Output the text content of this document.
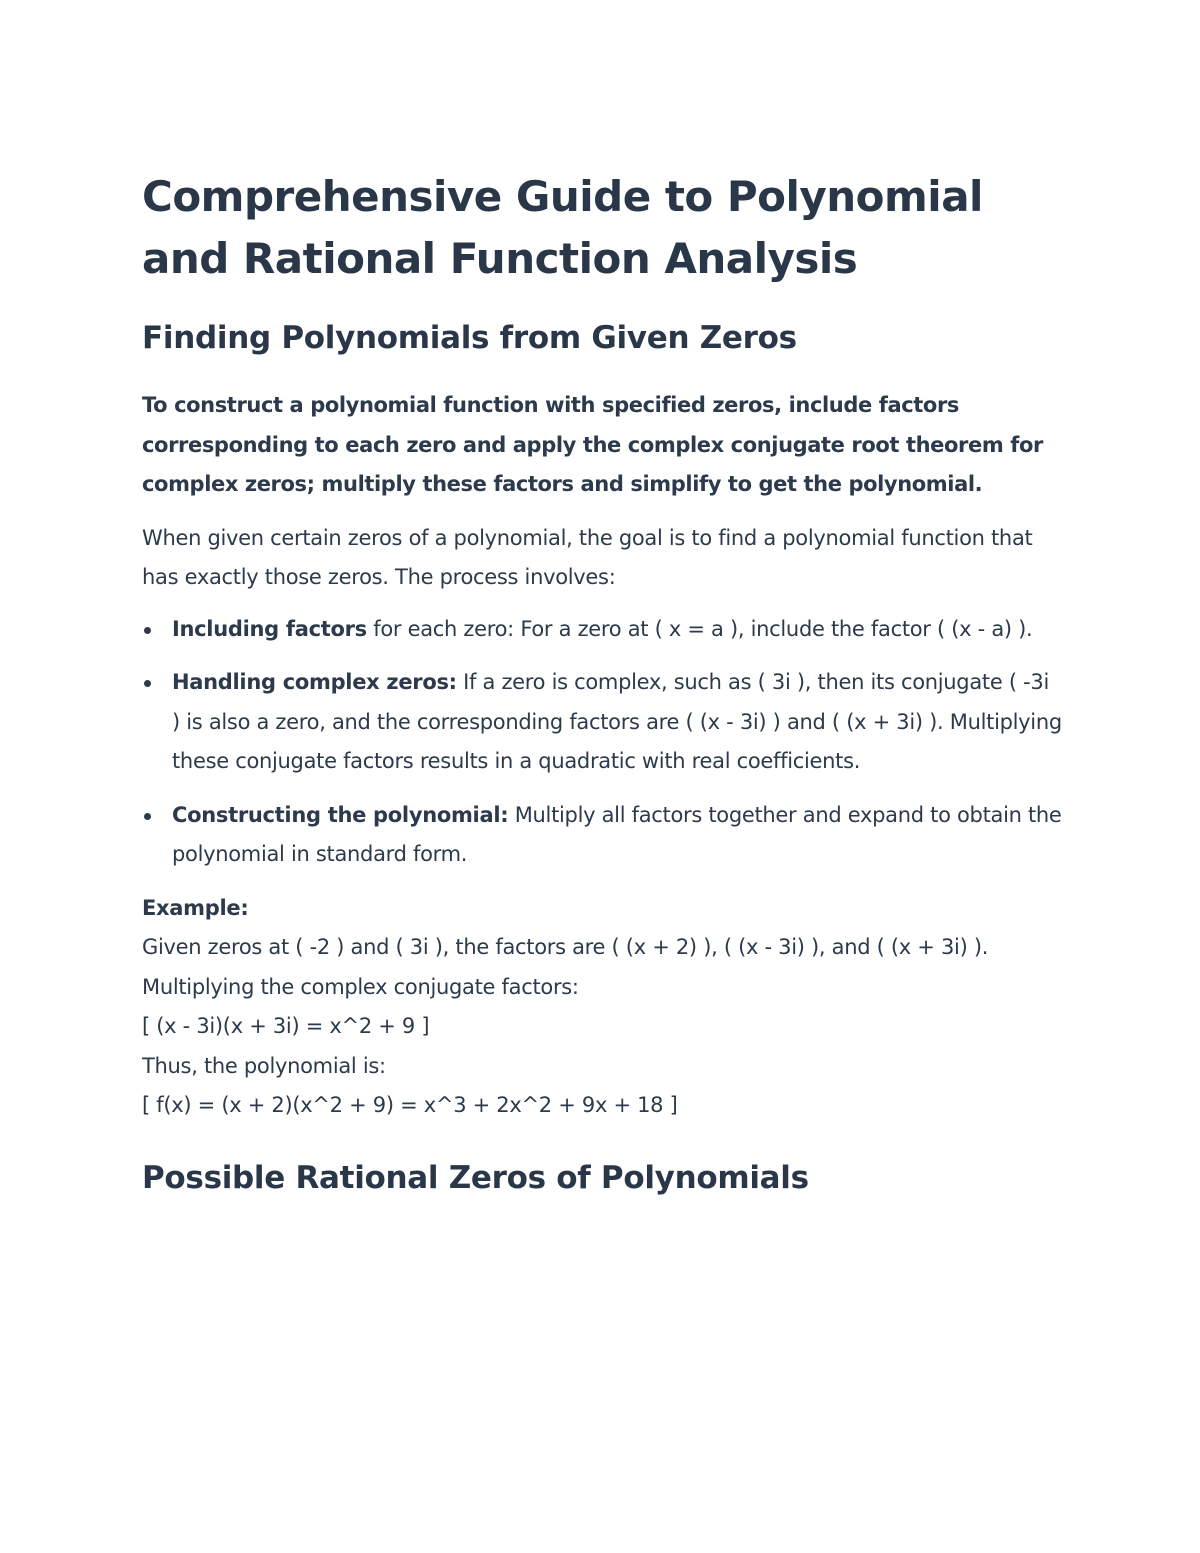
Comprehensive Guide to Polynomial and Rational Function Analysis
Finding Polynomials from Given Zeros

To construct a polynomial function with specified zeros, include factors corresponding to each zero and apply the complex conjugate root theorem for complex zeros; multiply these factors and simplify to get the polynomial.

When given certain zeros of a polynomial, the goal is to find a polynomial function that has exactly those zeros. The process involves:

Including factors for each zero: For a zero at ( x = a ), include the factor ( (x - a) ).
Handling complex zeros: If a zero is complex, such as ( 3i ), then its conjugate ( -3i ) is also a zero, and the corresponding factors are ( (x - 3i) ) and ( (x + 3i) ). Multiplying these conjugate factors results in a quadratic with real coefficients.
Constructing the polynomial: Multiply all factors together and expand to obtain the polynomial in standard form.

Example:

Given zeros at ( -2 ) and ( 3i ), the factors are ( (x + 2) ), ( (x - 3i) ), and ( (x + 3i) ).

Multiplying the complex conjugate factors:

[ (x - 3i)(x + 3i) = x^2 + 9 ]

Thus, the polynomial is:

[ f(x) = (x + 2)(x^2 + 9) = x^3 + 2x^2 + 9x + 18 ]

Possible Rational Zeros of Polynomials
